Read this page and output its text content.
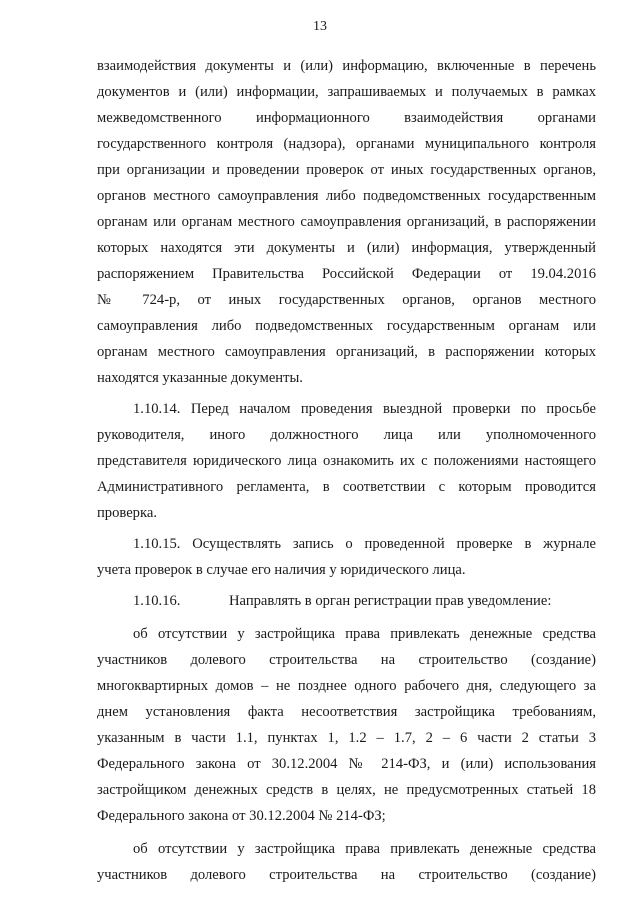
13
взаимодействия документы и (или) информацию, включенные в перечень
документов и (или) информации, запрашиваемых и получаемых в рамках
межведомственного информационного взаимодействия органами
государственного контроля (надзора), органами муниципального контроля
при организации и проведении проверок от иных государственных органов,
органов местного самоуправления либо подведомственных государственным
органам или органам местного самоуправления организаций, в распоряжении
которых находятся эти документы и (или) информация, утвержденный
распоряжением Правительства Российской Федерации от 19.04.2016
№ 724-р, от иных государственных органов, органов местного
самоуправления либо подведомственных государственным органам или
органам местного самоуправления организаций, в распоряжении которых
находятся указанные документы.
1.10.14. Перед началом проведения выездной проверки по просьбе
руководителя, иного должностного лица или уполномоченного
представителя юридического лица ознакомить их с положениями настоящего
Административного регламента, в соответствии с которым проводится
проверка.
1.10.15. Осуществлять запись о проведенной проверке в журнале
учета проверок в случае его наличия у юридического лица.
1.10.16.	Направлять в орган регистрации прав уведомление:
об отсутствии у застройщика права привлекать денежные средства
участников долевого строительства на строительство (создание)
многоквартирных домов – не позднее одного рабочего дня, следующего за
днем установления факта несоответствия застройщика требованиям,
указанным в части 1.1, пунктах 1, 1.2 – 1.7, 2 – 6 части 2 статьи 3
Федерального закона от 30.12.2004 № 214-ФЗ, и (или) использования
застройщиком денежных средств в целях, не предусмотренных статьей 18
Федерального закона от 30.12.2004 № 214-ФЗ;
об отсутствии у застройщика права привлекать денежные средства
участников долевого строительства на строительство (создание)
